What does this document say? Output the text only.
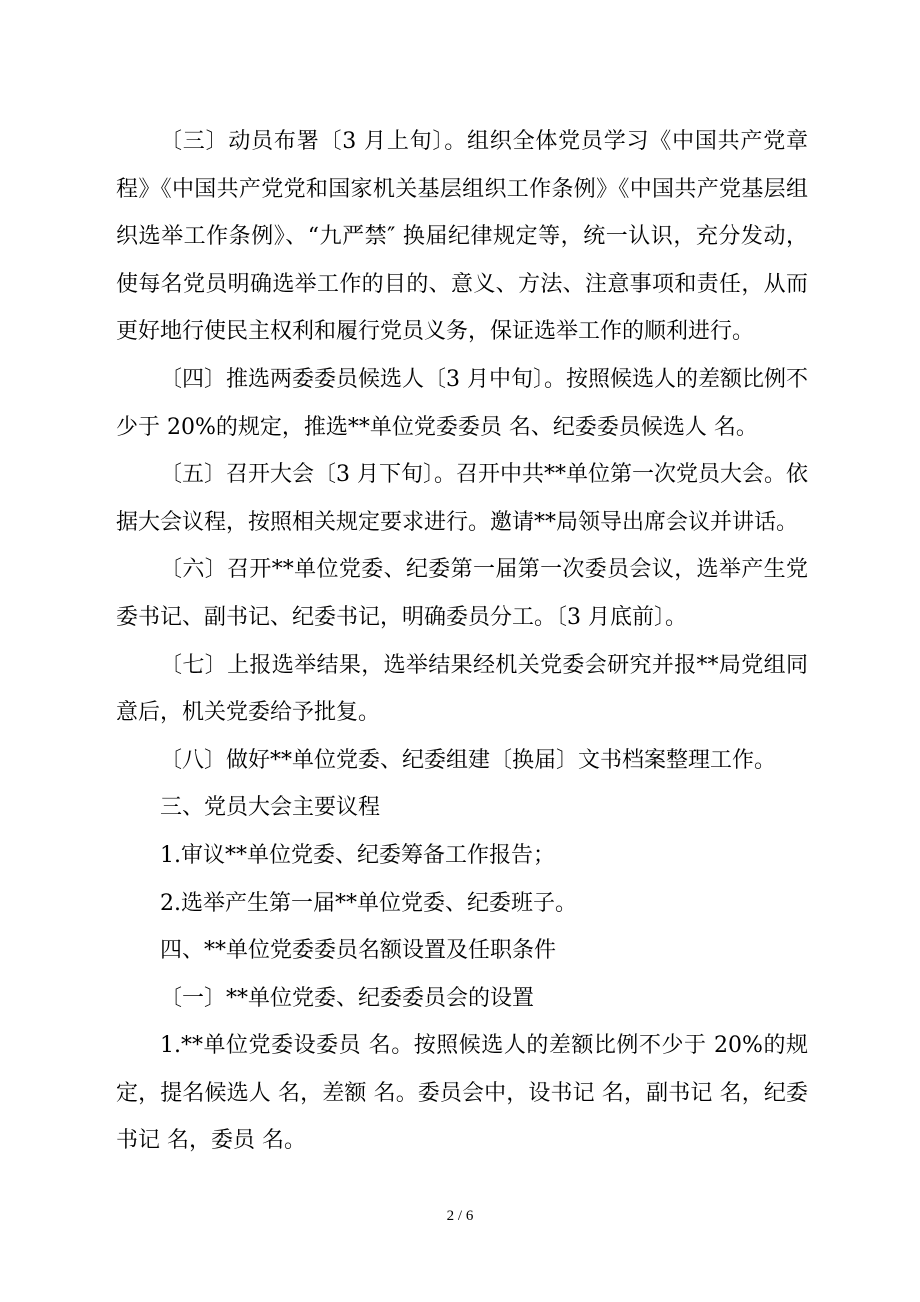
〔三〕动员布署〔3 月上旬〕。组织全体党员学习《中国共产党章程》《中国共产党党和国家机关基层组织工作条例》《中国共产党基层组织选举工作条例》、“九严禁″ 换届纪律规定等，统一认识，充分发动，使每名党员明确选举工作的目的、意义、方法、注意事项和责任，从而更好地行使民主权利和履行党员义务，保证选举工作的顺利进行。

〔四〕推选两委委员候选人〔3 月中旬〕。按照候选人的差额比例不少于 20%的规定，推选**单位党委委员 名、纪委委员候选人 名。

〔五〕召开大会〔3 月下旬〕。召开中共**单位第一次党员大会。依据大会议程，按照相关规定要求进行。邀请**局领导出席会议并讲话。

〔六〕召开**单位党委、纪委第一届第一次委员会议，选举产生党委书记、副书记、纪委书记，明确委员分工。〔3 月底前〕。

〔七〕上报选举结果，选举结果经机关党委会研究并报**局党组同意后，机关党委给予批复。

〔八〕做好**单位党委、纪委组建〔换届〕文书档案整理工作。

三、党员大会主要议程

1.审议**单位党委、纪委筹备工作报告；

2.选举产生第一届**单位党委、纪委班子。

四、**单位党委委员名额设置及任职条件

〔一〕**单位党委、纪委委员会的设置

1.**单位党委设委员 名。按照候选人的差额比例不少于 20%的规定，提名候选人 名，差额 名。委员会中，设书记 名，副书记 名，纪委书记 名，委员 名。

2 / 6
